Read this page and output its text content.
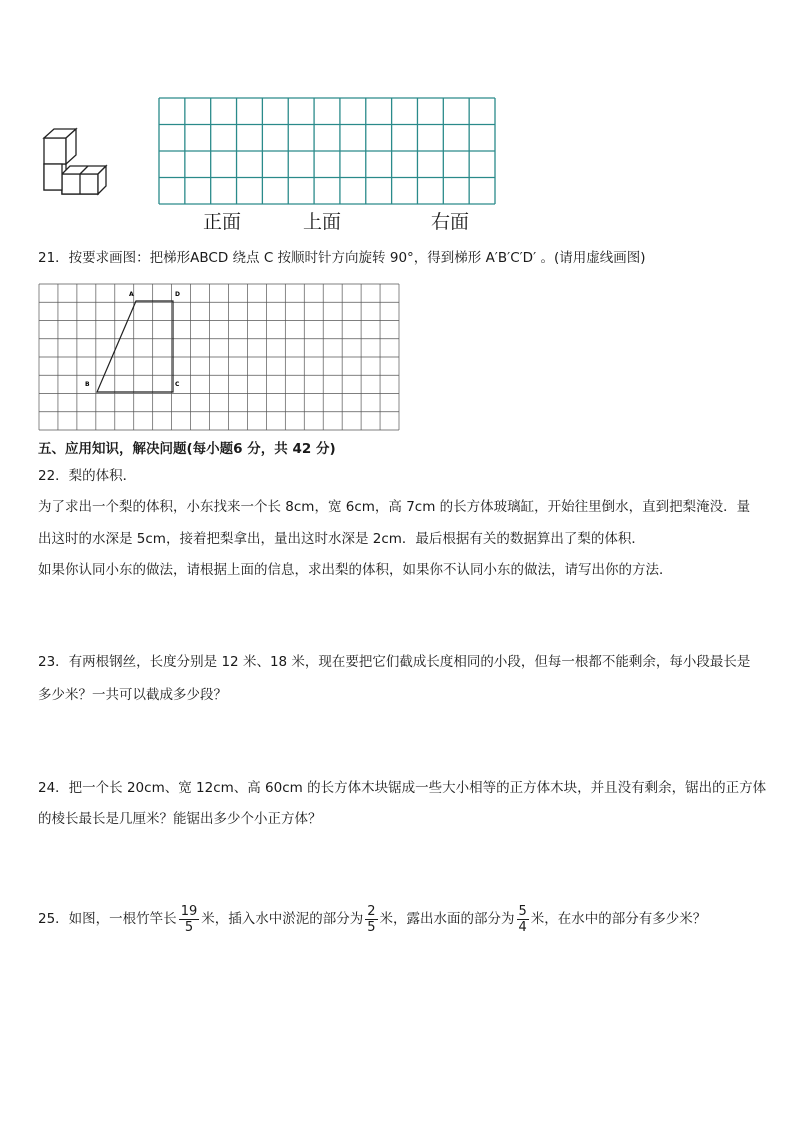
正面	上面	右面
21．按要求画图：把梯形ABCD 绕点 C 按顺时针方向旋转 90°，得到梯形 A′B′C′D′ 。(请用虚线画图)
A	D
B	C
五、应用知识，解决问题(每小题6 分，共 42 分)
22．梨的体积．
为了求出一个梨的体积，小东找来一个长 8cm，宽 6cm，高 7cm 的长方体玻璃缸，开始往里倒水，直到把梨淹没．量
出这时的水深是 5cm，接着把梨拿出，量出这时水深是 2cm．最后根据有关的数据算出了梨的体积．
如果你认同小东的做法，请根据上面的信息，求出梨的体积，如果你不认同小东的做法，请写出你的方法．
23．有两根钢丝，长度分别是 12 米、18 米，现在要把它们截成长度相同的小段，但每一根都不能剩余，每小段最长是
多少米？一共可以截成多少段？
24．把一个长 20cm、宽 12cm、高 60cm 的长方体木块锯成一些大小相等的正方体木块，并且没有剩余，锯出的正方体
的棱长最长是几厘米？能锯出多少个小正方体？
25．如图，一根竹竿长 $\frac{19}{5}$ 米，插入水中淤泥的部分为 $\frac{2}{5}$ 米，露出水面的部分为 $\frac{5}{4}$ 米，在水中的部分有多少米？
